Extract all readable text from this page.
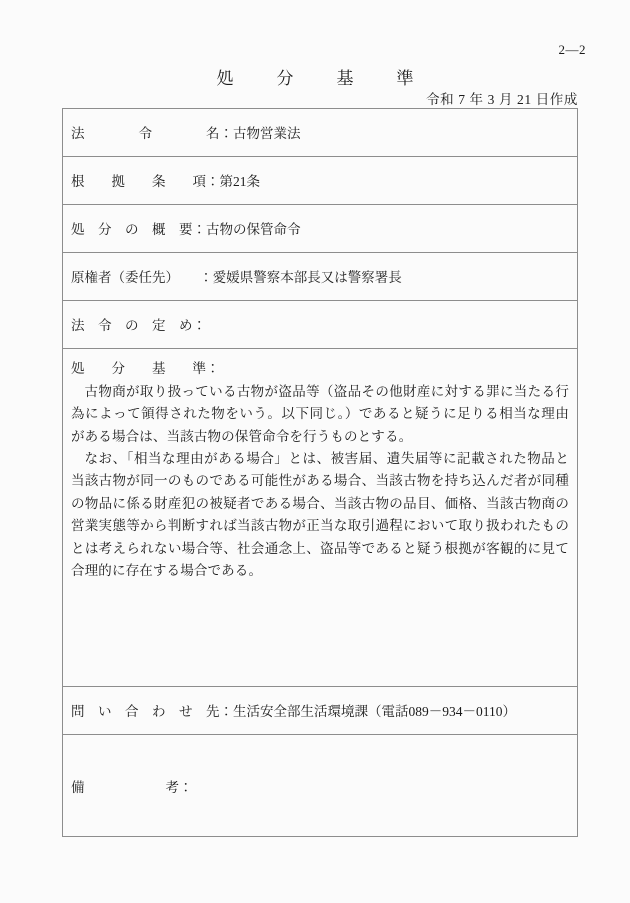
2—2
処　分　基　準
令和 7 年 3 月 21 日作成
法　　　　令　　　　名：古物営業法

根　　拠　　条　　項：第21条

処　分　の　概　要：古物の保管命令

原権者（委任先）　　：愛媛県警察本部長又は警察署長

法　令　の　定　め：

処　　分　　基　　準：

古物商が取り扱っている古物が盗品等（盗品その他財産に対する罪に当たる行為によって領得された物をいう。以下同じ。）であると疑うに足りる相当な理由がある場合は、当該古物の保管命令を行うものとする。

なお、「相当な理由がある場合」とは、被害届、遺失届等に記載された物品と当該古物が同一のものである可能性がある場合、当該古物を持ち込んだ者が同種の物品に係る財産犯の被疑者である場合、当該古物の品目、価格、当該古物商の営業実態等から判断すれば当該古物が正当な取引過程において取り扱われたものとは考えられない場合等、社会通念上、盗品等であると疑う根拠が客観的に見て合理的に存在する場合である。

問　い　合　わ　せ　先：生活安全部生活環境課（電話089－934－0110）

備　　　　　　考：
